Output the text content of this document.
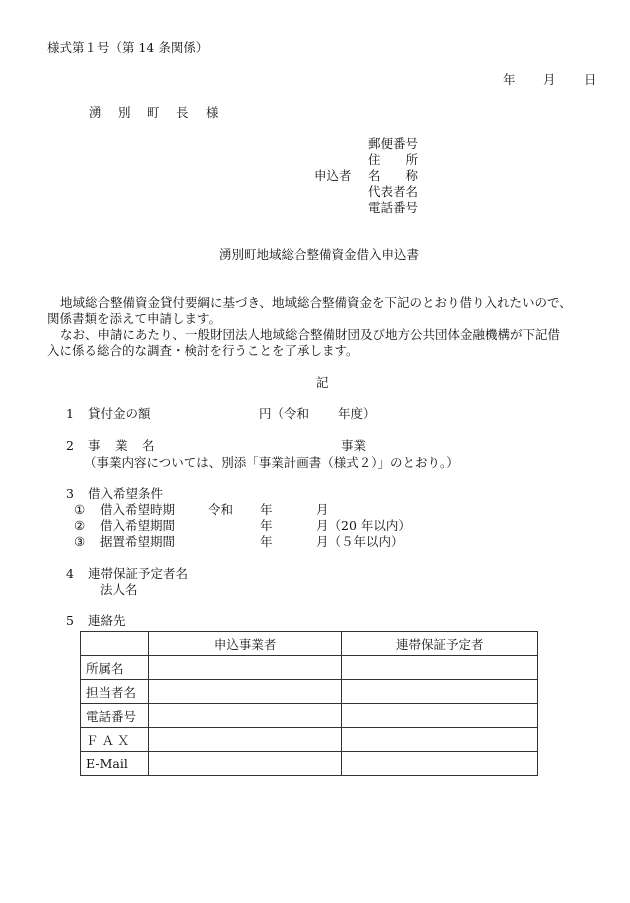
様式第１号（第 14 条関係）
年 月 日
湧　別　町　長 様
申込者
郵便番号
住　　所
名　　称
代表者名
電話番号
湧別町地域総合整備資金借入申込書
地域総合整備資金貸付要綱に基づき、地域総合整備資金を下記のとおり借り入れたいので、
関係書類を添えて申請します。
なお、申請にあたり、一般財団法人地域総合整備財団及び地方公共団体金融機構が下記借
入に係る総合的な調査・検討を行うことを了承します。
記
1 貸付金の額	円（令和 年度）
2 事　業　名	事業
（事業内容については、別添「事業計画書（様式２）」のとおり。）
3 借入希望条件
① 借入希望時期	令和 年	月
② 借入希望期間	年	月（20 年以内）
③ 据置希望期間	年	月（５年以内）
4 連帯保証予定者名
法人名
5 連絡先
	申込事業者	連帯保証予定者
所属名		
担当者名		
電話番号		
ＦＡＸ		
E-Mail		
